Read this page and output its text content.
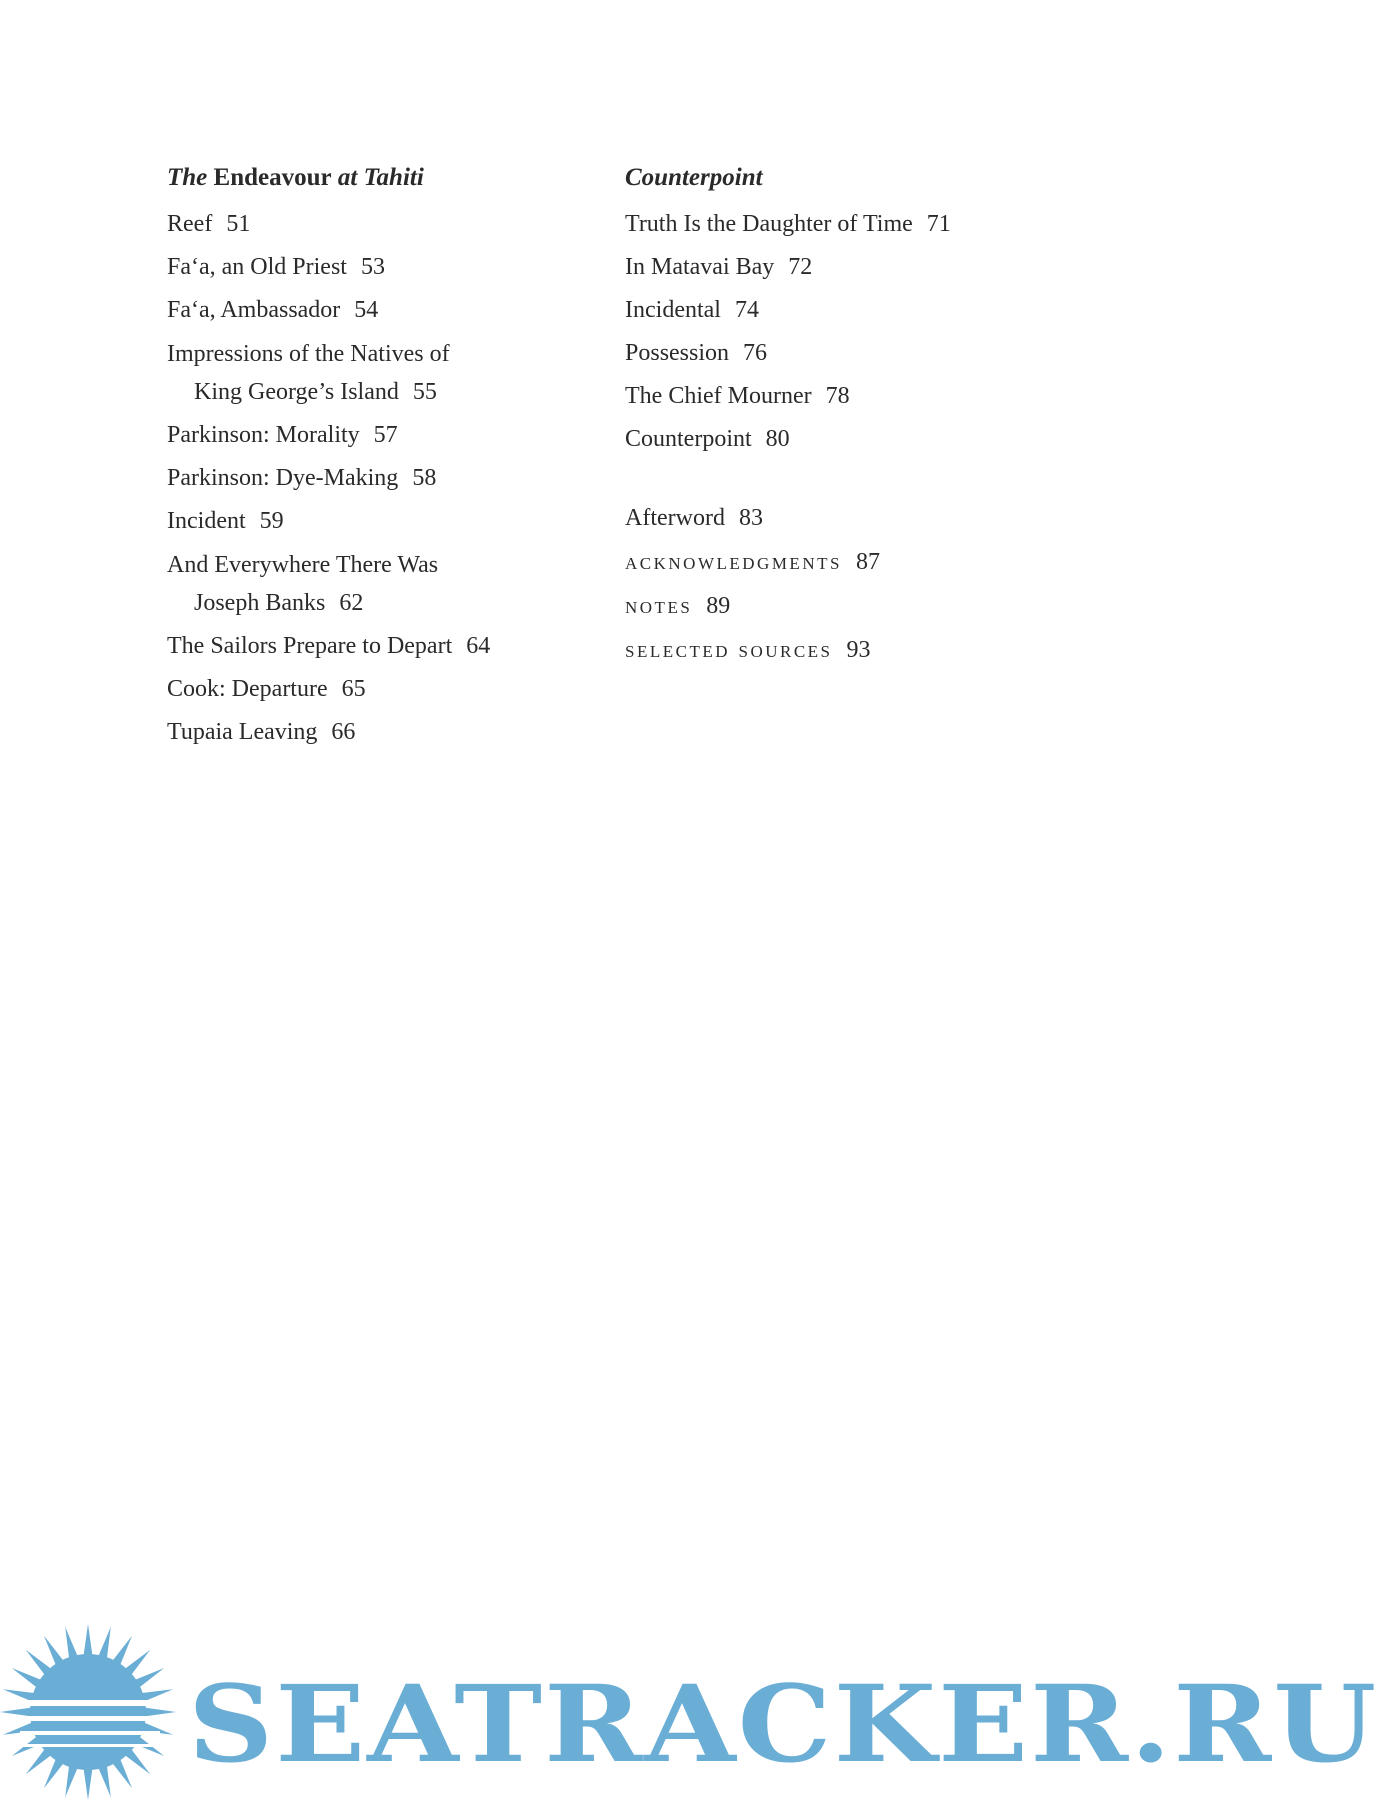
The Endeavour at Tahiti
Reef 51
Fa‘a, an Old Priest 53
Fa‘a, Ambassador 54
Impressions of the Natives of
King George’s Island 55
Parkinson: Morality 57
Parkinson: Dye-Making 58
Incident 59
And Everywhere There Was
Joseph Banks 62
The Sailors Prepare to Depart 64
Cook: Departure 65
Tupaia Leaving 66
Counterpoint
Truth Is the Daughter of Time 71
In Matavai Bay 72
Incidental 74
Possession 76
The Chief Mourner 78
Counterpoint 80
Afterword 83
acknowledgments 87
notes 89
selected sources 93
SEATRACKER.RU
